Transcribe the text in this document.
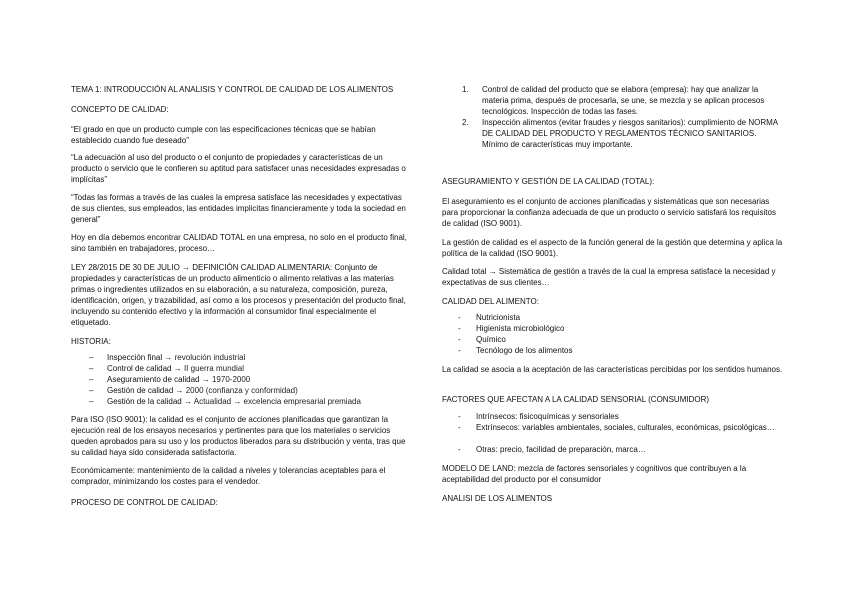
TEMA 1: INTRODUCCIÓN AL ANALISIS Y CONTROL DE CALIDAD DE LOS ALIMENTOS

CONCEPTO DE CALIDAD:

“El grado en que un producto cumple con las especificaciones técnicas que se habían establecido cuando fue deseado”

“La adecuación al uso del producto o el conjunto de propiedades y características de un producto o servicio que le confieren su aptitud para satisfacer unas necesidades expresadas o implícitas”

“Todas las formas a través de las cuales la empresa satisface las necesidades y expectativas de sus clientes, sus empleados, las entidades implicitas financieramente y toda la sociedad en general”

Hoy en día debemos encontrar CALIDAD TOTAL en una empresa, no solo en el producto final, sino también en trabajadores, proceso…

LEY 28/2015 DE 30 DE JULIO → DEFINICIÓN CALIDAD ALIMENTARIA: Conjunto de propiedades y características de un producto alimenticio o alimento relativas a las materias primas o ingredientes utilizados en su elaboración, a su naturaleza, composición, pureza, identificación, origen, y trazabilidad, así como a los procesos y presentación del producto final, incluyendo su contenido efectivo y la información al consumidor final especialmente el etiquetado.

HISTORIA:

–	Inspección final → revolución industrial
–	Control de calidad → II guerra mundial
–	Aseguramiento de calidad → 1970-2000
–	Gestión de calidad → 2000 (confianza y conformidad)
–	Gestión de la calidad → Actualidad → excelencia empresarial premiada

Para ISO (ISO 9001): la calidad es el conjunto de acciones planificadas que garantizan la ejecución real de los ensayos necesarios y pertinentes para que los materiales o servicios queden aprobados para su uso y los productos liberados para su distribución y venta, tras que su calidad haya sido considerada satisfactoria.

Económicamente: mantenimiento de la calidad a niveles y tolerancias aceptables para el comprador, minimizando los costes para el vendedor.

PROCESO DE CONTROL DE CALIDAD:

1.	Control de calidad del producto que se elabora (empresa): hay que analizar la materia prima, después de procesarla, se une, se mezcla y se aplican procesos tecnológicos. Inspección de todas las fases.
2.	Inspección alimentos (evitar fraudes y riesgos sanitarios): cumplimiento de NORMA DE CALIDAD DEL PRODUCTO Y REGLAMENTOS TÉCNICO SANITARIOS. Mínimo de características muy importante.

ASEGURAMIENTO Y GESTIÓN DE LA CALIDAD (TOTAL):

El aseguramiento es el conjunto de acciones planificadas y sistemáticas que son necesarias para proporcionar la confianza adecuada de que un producto o servicio satisfará los requisitos de calidad (ISO 9001).

La gestión de calidad es el aspecto de la función general de la gestión que determina y aplica la política de la calidad (ISO 9001).

Calidad total → Sistemática de gestión a través de la cual la empresa satisface la necesidad y expectativas de sus clientes…

CALIDAD DEL ALIMENTO:

-	Nutricionista
-	Higienista microbiológico
-	Químico
-	Tecnólogo de los alimentos

La calidad se asocia a la aceptación de las características percibidas por los sentidos humanos.

FACTORES QUE AFECTAN A LA CALIDAD SENSORIAL (CONSUMIDOR)

-	Intrínsecos: fisicoquímicas y sensoriales
-	Extrínsecos: variables ambientales, sociales, culturales, económicas, psicológicas…
-	Otras: precio, facilidad de preparación, marca…

MODELO DE LAND: mezcla de factores sensoriales y cognitivos que contribuyen a la aceptabilidad del producto por el consumidor

ANALISI DE LOS ALIMENTOS
